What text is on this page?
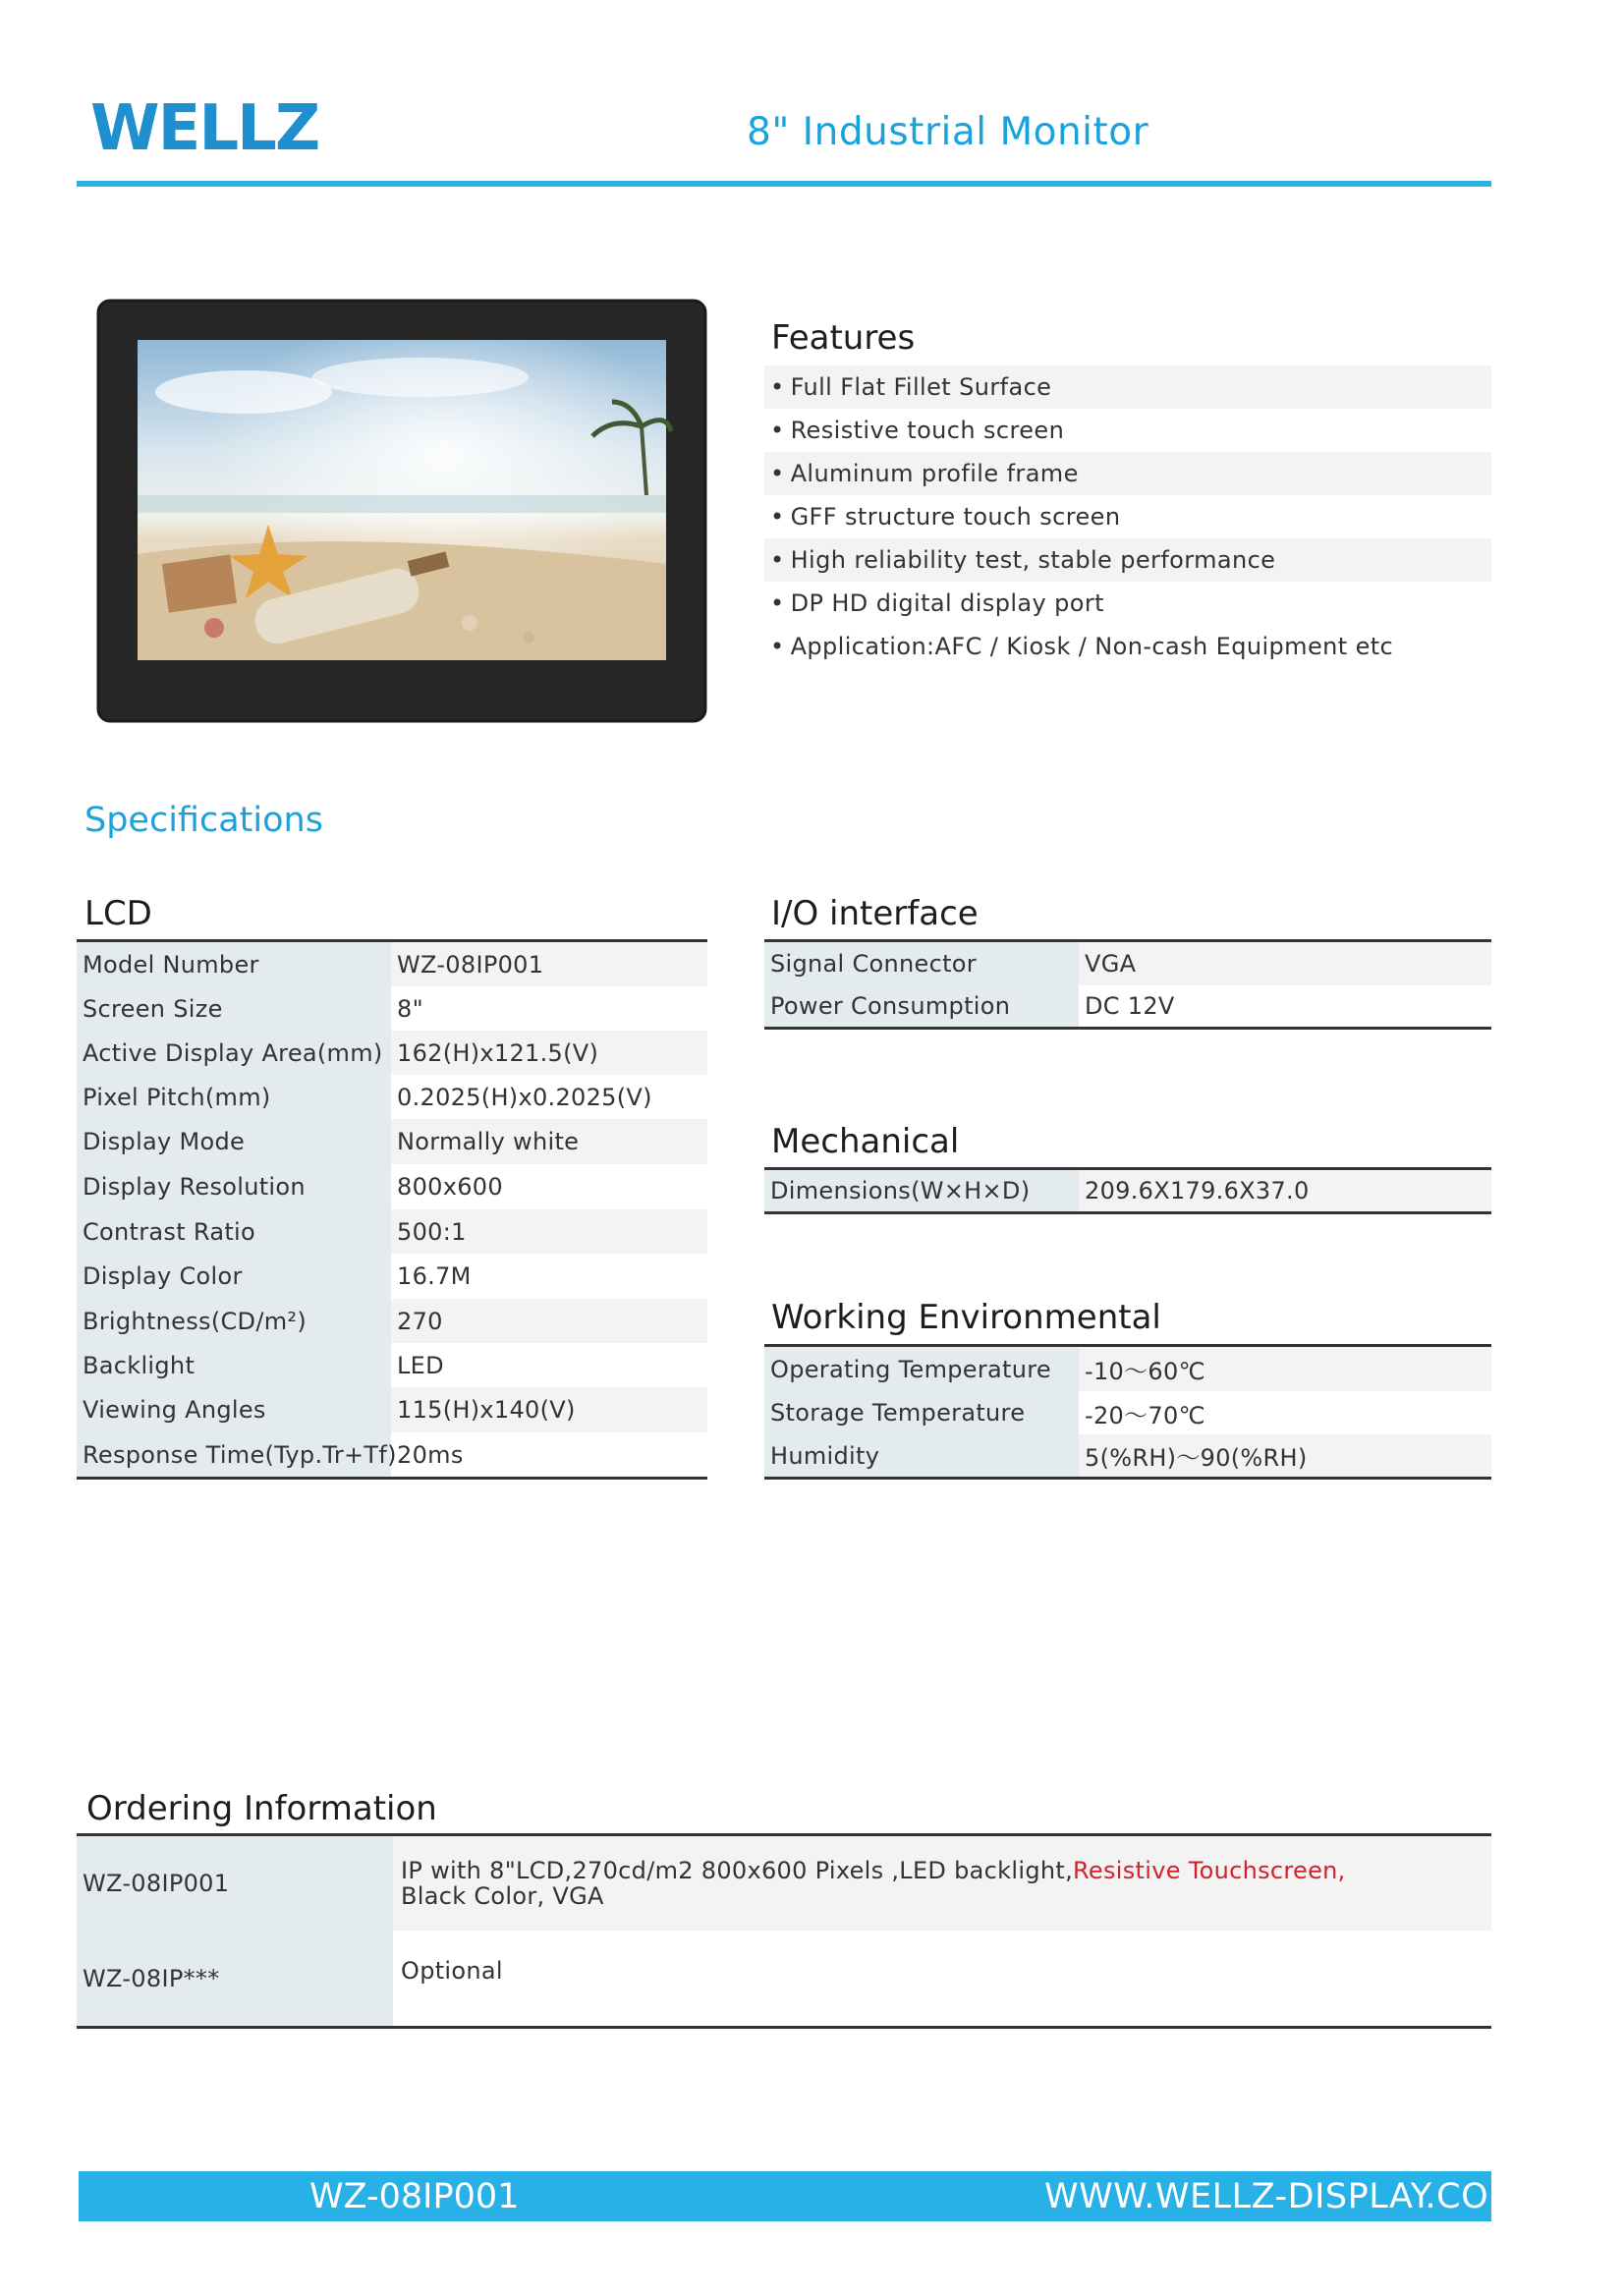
WELLZ	8" Industrial Monitor
Features
• Full Flat Fillet Surface
• Resistive touch screen
• Aluminum profile frame
• GFF structure touch screen
• High reliability test, stable performance
• DP HD digital display port
• Application:AFC / Kiosk / Non-cash Equipment etc
Specifications
LCD
Model Number	WZ-08IP001
Screen Size	8"
Active Display Area(mm)	162(H)x121.5(V)
Pixel Pitch(mm)	0.2025(H)x0.2025(V)
Display Mode	Normally white
Display Resolution	800x600
Contrast Ratio	500:1
Display Color	16.7M
Brightness(CD/m²)	270
Backlight	LED
Viewing Angles	115(H)x140(V)
Response Time(Typ.Tr+Tf)	20ms
I/O interface
Signal Connector	VGA
Power Consumption	DC 12V
Mechanical
Dimensions(W×H×D)	209.6X179.6X37.0
Working Environmental
Operating Temperature	-10～60℃
Storage Temperature	-20～70℃
Humidity	5(%RH)～90(%RH)
Ordering Information
WZ-08IP001	IP with 8"LCD,270cd/m2 800x600 Pixels ,LED backlight,Resistive Touchscreen,
Black Color, VGA
WZ-08IP***	Optional
WZ-08IP001	WWW.WELLZ-DISPLAY.COM
